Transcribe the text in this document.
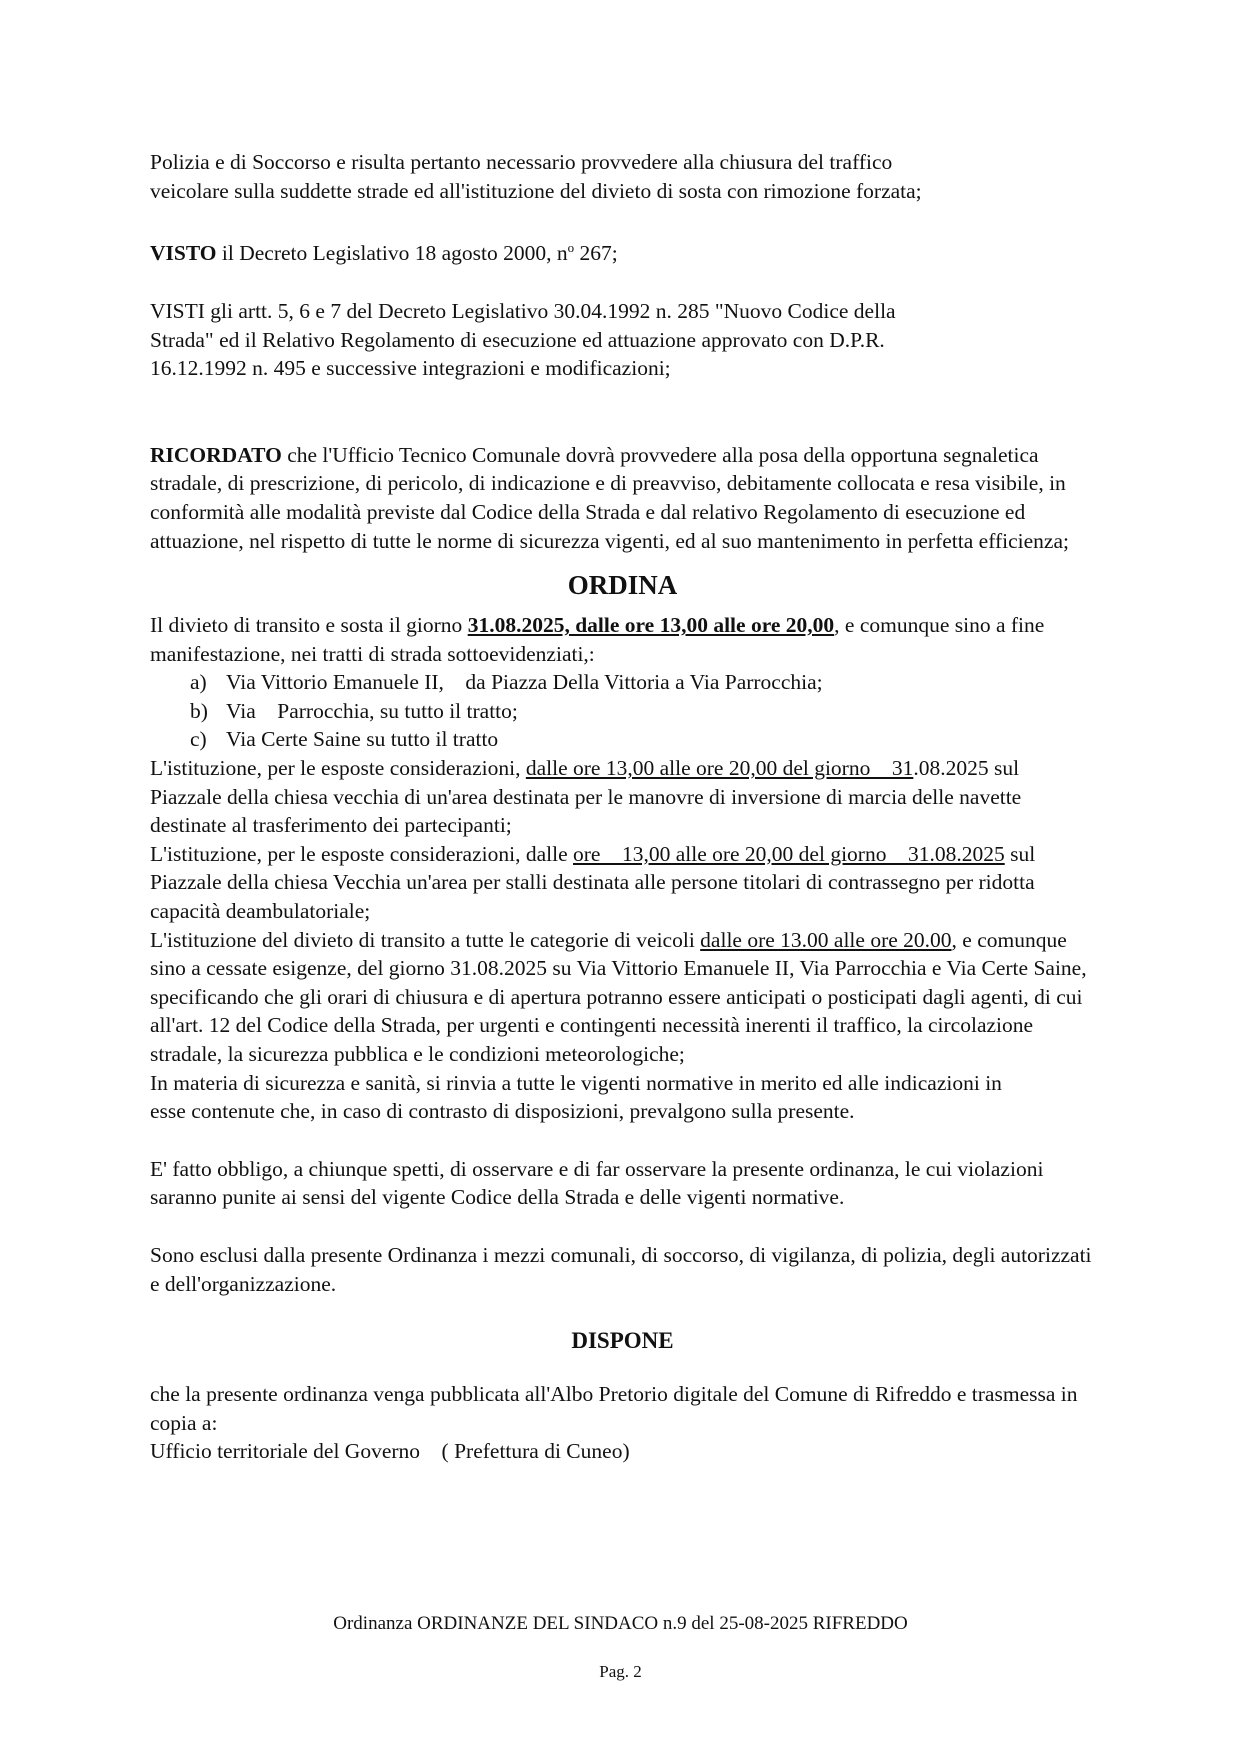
Polizia e di Soccorso e risulta pertanto necessario provvedere alla chiusura del traffico
veicolare sulla suddette strade ed all'istituzione del divieto di sosta con rimozione forzata;

VISTO il Decreto Legislativo 18 agosto 2000, $n^o$ 267;

VISTI gli artt. 5, 6 e 7 del Decreto Legislativo 30.04.1992 n. 285 "Nuovo Codice della Strada" ed il Relativo Regolamento di esecuzione ed attuazione approvato con D.P.R. 16.12.1992 n. 495 e successive integrazioni e modificazioni;

RICORDATO che l'Ufficio Tecnico Comunale dovrà provvedere alla posa della opportuna segnaletica stradale, di prescrizione, di pericolo, di indicazione e di preavviso, debitamente collocata e resa visibile, in conformità alle modalità previste dal Codice della Strada e dal relativo Regolamento di esecuzione ed attuazione, nel rispetto di tutte le norme di sicurezza vigenti, ed al suo mantenimento in perfetta efficienza;

ORDINA

Il divieto di transito e sosta il giorno 31.08.2025, dalle ore 13,00 alle ore 20,00, e comunque sino a fine manifestazione, nei tratti di strada sottoevidenziati,:

a) Via Vittorio Emanuele II,    da Piazza Della Vittoria a Via Parrocchia;
b) Via    Parrocchia, su tutto il tratto;
c) Via Certe Saine su tutto il tratto

L'istituzione, per le esposte considerazioni, dalle ore 13,00 alle ore 20,00 del giorno    31.08.2025 sul Piazzale della chiesa vecchia di un'area destinata per le manovre di inversione di marcia delle navette destinate al trasferimento dei partecipanti;

L'istituzione, per le esposte considerazioni, dalle ore    13,00 alle ore 20,00 del giorno    31.08.2025 sul Piazzale della chiesa Vecchia un'area per stalli destinata alle persone titolari di contrassegno per ridotta capacità deambulatoriale;

L'istituzione del divieto di transito a tutte le categorie di veicoli dalle ore 13.00 alle ore 20.00, e comunque sino a cessate esigenze, del giorno 31.08.2025 su Via Vittorio Emanuele II, Via Parrocchia e Via Certe Saine, specificando che gli orari di chiusura e di apertura potranno essere anticipati o posticipati dagli agenti, di cui all'art. 12 del Codice della Strada, per urgenti e contingenti necessità inerenti il traffico, la circolazione stradale, la sicurezza pubblica e le condizioni meteorologiche;

In materia di sicurezza e sanità, si rinvia a tutte le vigenti normative in merito ed alle indicazioni in esse contenute che, in caso di contrasto di disposizioni, prevalgono sulla presente.

E' fatto obbligo, a chiunque spetti, di osservare e di far osservare la presente ordinanza, le cui violazioni saranno punite ai sensi del vigente Codice della Strada e delle vigenti normative.

Sono esclusi dalla presente Ordinanza i mezzi comunali, di soccorso, di vigilanza, di polizia, degli autorizzati e dell'organizzazione.

DISPONE

che la presente ordinanza venga pubblicata all'Albo Pretorio digitale del Comune di Rifreddo e trasmessa in copia a:

Ufficio territoriale del Governo    ( Prefettura di Cuneo)

Ordinanza ORDINANZE DEL SINDACO n.9 del 25-08-2025 RIFREDDO
Pag. 2
